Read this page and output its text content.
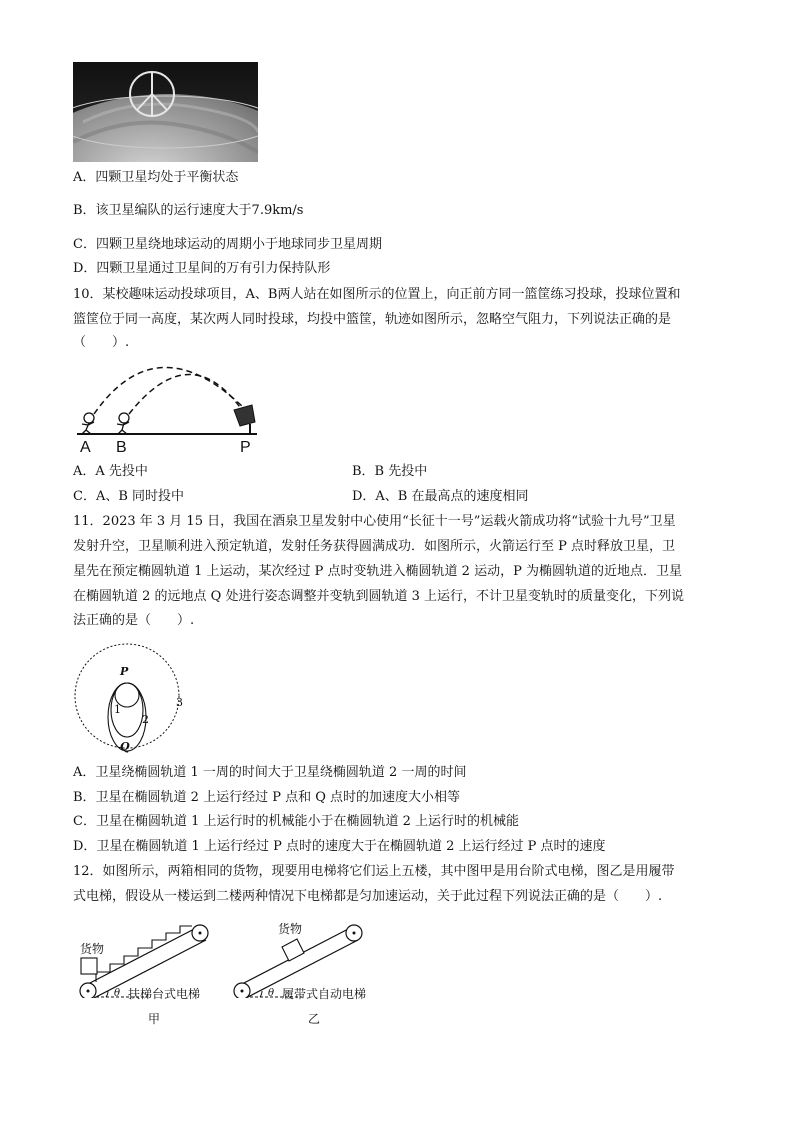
A．四颗卫星均处于平衡状态
B．该卫星编队的运行速度大于7.9km/s
C．四颗卫星绕地球运动的周期小于地球同步卫星周期
D．四颗卫星通过卫星间的万有引力保持队形
10．某校趣味运动投球项目，A、B两人站在如图所示的位置上，向正前方同一篮筐练习投球，投球位置和
篮筐位于同一高度，某次两人同时投球，均投中篮筐，轨迹如图所示，忽略空气阻力，下列说法正确的是
（　　）.
A B	P
A．A 先投中	B．B 先投中
C．A、B 同时投中	D．A、B 在最高点的速度相同
11．2023 年 3 月 15 日，我国在酒泉卫星发射中心使用“长征十一号”运载火箭成功将“试验十九号”卫星
发射升空，卫星顺利进入预定轨道，发射任务获得圆满成功．如图所示，火箭运行至 P 点时释放卫星，卫
星先在预定椭圆轨道 1 上运动，某次经过 P 点时变轨进入椭圆轨道 2 运动，P 为椭圆轨道的近地点．卫星
在椭圆轨道 2 的远地点 Q 处进行姿态调整并变轨到圆轨道 3 上运行，不计卫星变轨时的质量变化，下列说
法正确的是（　　）.
P
1
2
3
Q
A．卫星绕椭圆轨道 1 一周的时间大于卫星绕椭圆轨道 2 一周的时间
B．卫星在椭圆轨道 2 上运行经过 P 点和 Q 点时的加速度大小相等
C．卫星在椭圆轨道 1 上运行时的机械能小于在椭圆轨道 2 上运行时的机械能
D．卫星在椭圆轨道 1 上运行经过 P 点时的速度大于在椭圆轨道 2 上运行经过 P 点时的速度
12．如图所示，两箱相同的货物，现要用电梯将它们运上五楼，其中图甲是用台阶式电梯，图乙是用履带
式电梯，假设从一楼运到二楼两种情况下电梯都是匀加速运动，关于此过程下列说法正确的是（　　）.
货物
θ 扶梯台式电梯
甲
货物
θ 履带式自动电梯
乙
